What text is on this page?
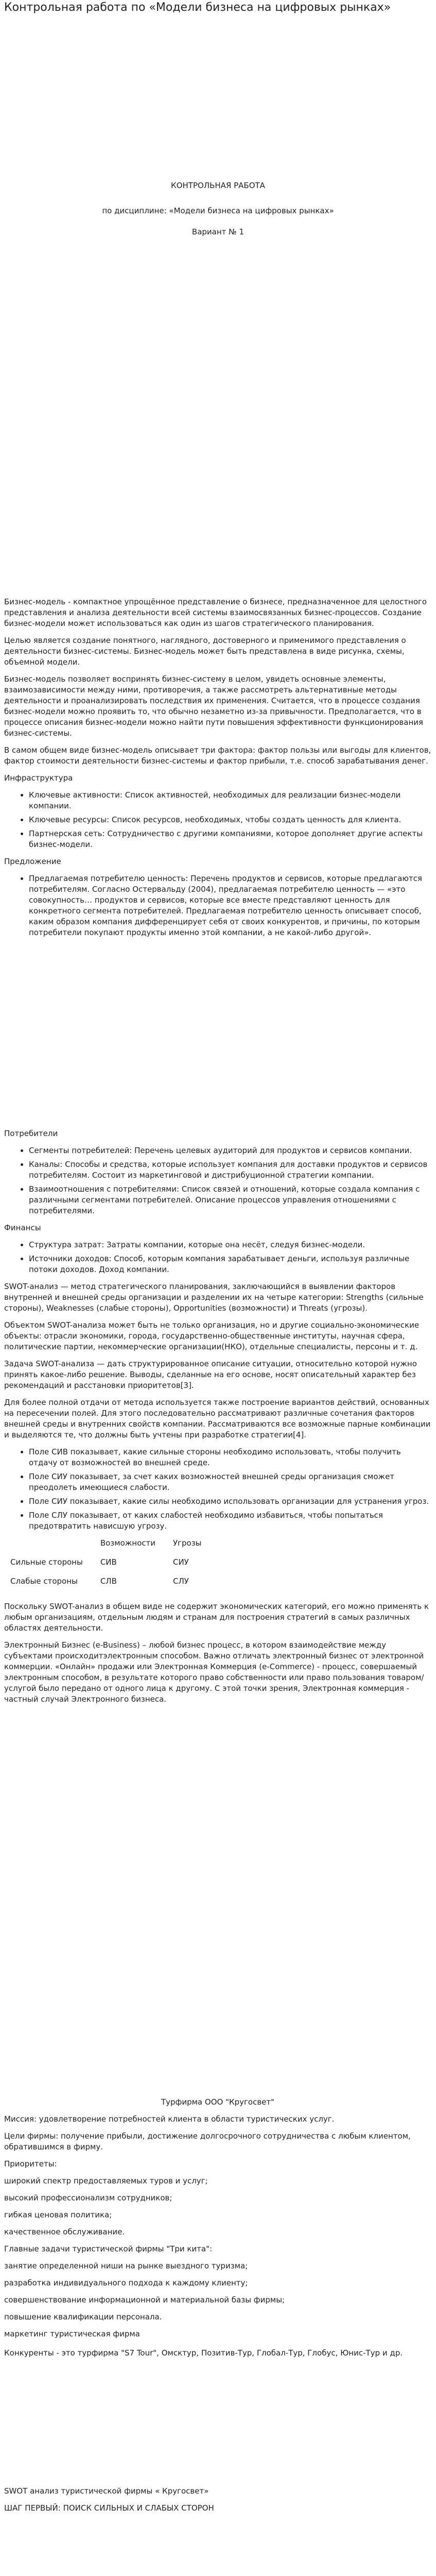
Контрольная работа по «Модели бизнеса на цифровых рынках»

КОНТРОЛЬНАЯ РАБОТА

по дисциплине: «Модели бизнеса на цифровых рынках»

Вариант № 1

Бизнес-модель - компактное упрощённое представление о бизнесе, предназначенное для целостного представления и анализа деятельности всей системы взаимосвязанных бизнес-процессов. Создание бизнес-модели может использоваться как один из шагов стратегического планирования.

Целью является создание понятного, наглядного, достоверного и применимого представления о деятельности бизнес-системы. Бизнес-модель может быть представлена в виде рисунка, схемы, объемной модели.

Бизнес-модель позволяет воспринять бизнес-систему в целом, увидеть основные элементы, взаимозависимости между ними, противоречия, а также рассмотреть альтернативные методы деятельности и проанализировать последствия их применения. Считается, что в процессе создания бизнес-модели можно проявить то, что обычно незаметно из-за привычности. Предполагается, что в процессе описания бизнес-модели можно найти пути повышения эффективности функционирования бизнес-системы.

В самом общем виде бизнес-модель описывает три фактора: фактор пользы или выгоды для клиентов, фактор стоимости деятельности бизнес-системы и фактор прибыли, т.е. способ зарабатывания денег.

Инфраструктура

• Ключевые активности: Список активностей, необходимых для реализации бизнес-модели компании.
• Ключевые ресурсы: Список ресурсов, необходимых, чтобы создать ценность для клиента.
• Партнерская сеть: Сотрудничество с другими компаниями, которое дополняет другие аспекты бизнес-модели.

Предложение

• Предлагаемая потребителю ценность: Перечень продуктов и сервисов, которые предлагаются потребителям. Согласно Остервальду (2004), предлагаемая потребителю ценность — «это совокупность… продуктов и сервисов, которые все вместе представляют ценность для конкретного сегмента потребителей. Предлагаемая потребителю ценность описывает способ, каким образом компания дифференцирует себя от своих конкурентов, и причины, по которым потребители покупают продукты именно этой компании, а не какой-либо другой».

Потребители

• Сегменты потребителей: Перечень целевых аудиторий для продуктов и сервисов компании.
• Каналы: Способы и средства, которые использует компания для доставки продуктов и сервисов потребителям. Состоит из маркетинговой и дистрибуционной стратегии компании.
• Взаимоотношения с потребителями: Список связей и отношений, которые создала компания с различными сегментами потребителей. Описание процессов управления отношениями с потребителями.

Финансы

• Структура затрат: Затраты компании, которые она несёт, следуя бизнес-модели.
• Источники доходов: Способ, которым компания зарабатывает деньги, используя различные потоки доходов. Доход компании.

SWOT-анализ — метод стратегического планирования, заключающийся в выявлении факторов внутренней и внешней среды организации и разделении их на четыре категории: Strengths (сильные стороны), Weaknesses (слабые стороны), Opportunities (возможности) и Threats (угрозы).

Объектом SWOT-анализа может быть не только организация, но и другие социально-экономические объекты: отрасли экономики, города, государственно-общественные институты, научная сфера, политические партии, некоммерческие организации(НКО), отдельные специалисты, персоны и т. д.

Задача SWOT-анализа — дать структурированное описание ситуации, относительно которой нужно принять какое-либо решение. Выводы, сделанные на его основе, носят описательный характер без рекомендаций и расстановки приоритетов[3].

Для более полной отдачи от метода используется также построение вариантов действий, основанных на пересечении полей. Для этого последовательно рассматривают различные сочетания факторов внешней среды и внутренних свойств компании. Рассматриваются все возможные парные комбинации и выделяются те, что должны быть учтены при разработке стратегии[4].

• Поле СИВ показывает, какие сильные стороны необходимо использовать, чтобы получить отдачу от возможностей во внешней среде.
• Поле СИУ показывает, за счет каких возможностей внешней среды организация сможет преодолеть имеющиеся слабости.
• Поле СИУ показывает, какие силы необходимо использовать организации для устранения угроз.
• Поле СЛУ показывает, от каких слабостей необходимо избавиться, чтобы попытаться предотвратить нависшую угрозу.
	Возможности	Угрозы
Сильные стороны	СИВ	СИУ
Слабые стороны	СЛВ	СЛУ

Поскольку SWOT-анализ в общем виде не содержит экономических категорий, его можно применять к любым организациям, отдельным людям и странам для построения стратегий в самых различных областях деятельности.

Электронный Бизнес (e-Business) – любой бизнес процесс, в котором взаимодействие между субъектами происходитэлектронным способом. Важно отличать электронный бизнес от электронной коммерции. «Онлайн» продажи или Электронная Коммерция (e-Commerce) - процесс, совершаемый электронным способом, в результате которого право собственности или право пользования товаром/услугой было передано от одного лица к другому. С этой точки зрения, Электронная коммерция - частный случай Электронного бизнеса.

Турфирма ООО "Кругосвет"

Миссия: удовлетворение потребностей клиента в области туристических услуг.

Цели фирмы: получение прибыли, достижение долгосрочного сотрудничества с любым клиентом, обратившимся в фирму.

Приоритеты:

широкий спектр предоставляемых туров и услуг;

высокий профессионализм сотрудников;

гибкая ценовая политика;

качественное обслуживание.

Главные задачи туристической фирмы "Три кита":

занятие определенной ниши на рынке выездного туризма;

разработка индивидуального подхода к каждому клиенту;

совершенствование информационной и материальной базы фирмы;

повышение квалификации персонала.

маркетинг туристическая фирма

Конкуренты - это турфирма "S7 Tour", Омсктур, Позитив-Тур, Глобал-Тур, Глобус, Юнис-Тур и др.

SWOT анализ туристической фирмы « Кругосвет»

ШАГ ПЕРВЫЙ: ПОИСК СИЛЬНЫХ И СЛАБЫХ СТОРОН
